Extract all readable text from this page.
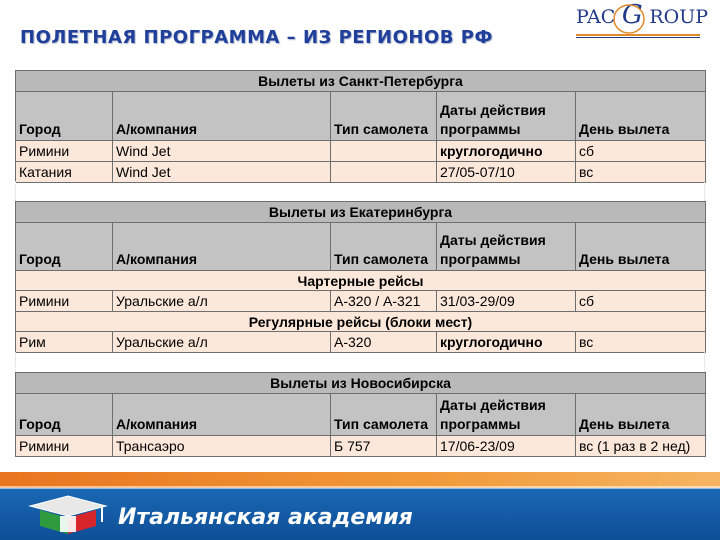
ПОЛЕТНАЯ ПРОГРАММА – ИЗ РЕГИОНОВ РФ
PAC G ROUP
Вылеты из Санкт-Петербурга				
Город	А/компания	Тип самолета	Даты действия программы	День вылета
Римини	Wind Jet		круглогодично	сб
Катания	Wind Jet		27/05-07/10	вс
Вылеты из Екатеринбурга				
Город	А/компания	Тип самолета	Даты действия программы	День вылета
Чартерные рейсы				
Римини	Уральские а/л	А-320 / А-321	31/03-29/09	сб
Регулярные рейсы (блоки мест)				
Рим	Уральские а/л	А-320	круглогодично	вс
Вылеты из Новосибирска				
Город	А/компания	Тип самолета	Даты действия программы	День вылета
Римини	Трансаэро	Б 757	17/06-23/09	вс (1 раз в 2 нед)
Итальянская академия
